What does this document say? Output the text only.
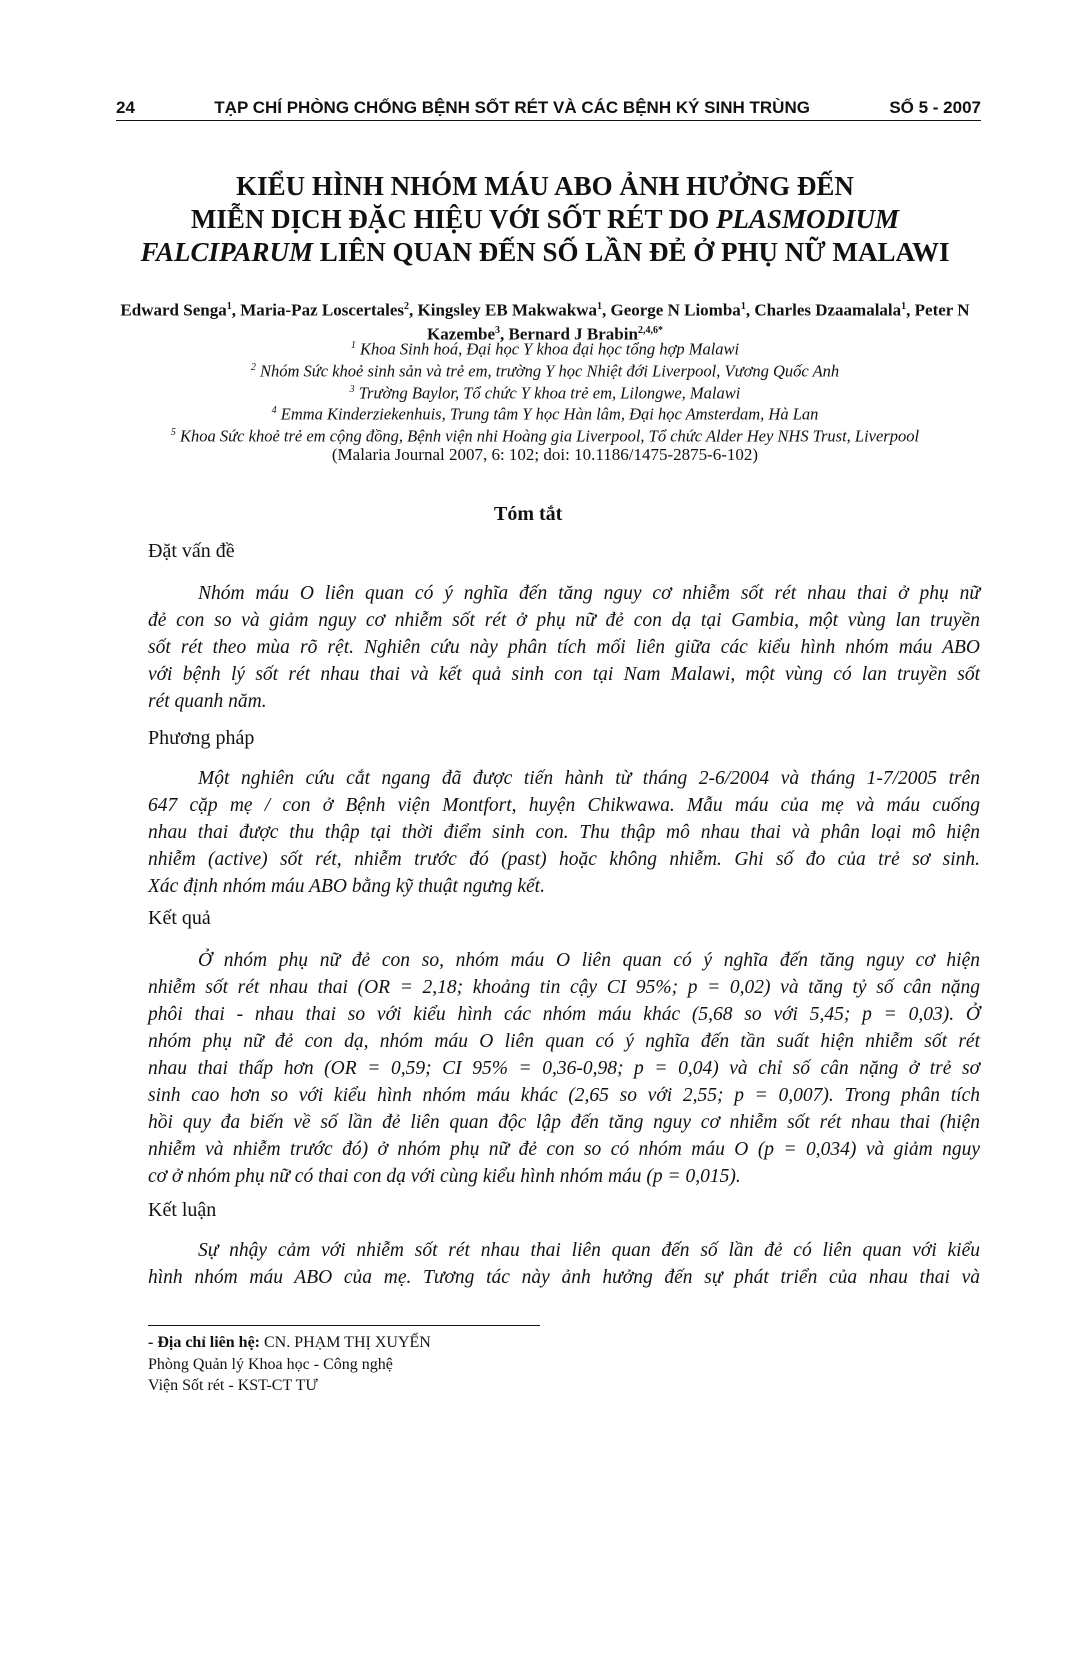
24	TẠP CHÍ PHÒNG CHỐNG BỆNH SỐT RÉT VÀ CÁC BỆNH KÝ SINH TRÙNG	SỐ 5 - 2007
KIỂU HÌNH NHÓM MÁU ABO ẢNH HƯỞNG ĐẾN
MIỄN DỊCH ĐẶC HIỆU VỚI SỐT RÉT DO PLASMODIUM
FALCIPARUM LIÊN QUAN ĐẾN SỐ LẦN ĐẺ Ở PHỤ NỮ MALAWI
Edward Senga$^1$, Maria-Paz Loscertales$^2$, Kingsley EB Makwakwa$^1$, George N Liomba$^1$, Charles Dzaamalala$^1$, Peter N Kazembe$^3$, Bernard J Brabin$^{2,4,6*}$
$^1$ Khoa Sinh hoá, Đại học Y khoa đại học tổng hợp Malawi
$^2$ Nhóm Sức khoẻ sinh sản và trẻ em, trường Y học Nhiệt đới Liverpool, Vương Quốc Anh
$^3$ Trường Baylor, Tổ chức Y khoa trẻ em, Lilongwe, Malawi
$^4$ Emma Kinderziekenhuis, Trung tâm Y học Hàn lâm, Đại học Amsterdam, Hà Lan
$^5$ Khoa Sức khoẻ trẻ em cộng đồng, Bệnh viện nhi Hoàng gia Liverpool, Tổ chức Alder Hey NHS Trust, Liverpool
(Malaria Journal 2007, 6: 102; doi: 10.1186/1475-2875-6-102)
Tóm tắt
Đặt vấn đề
Nhóm máu O liên quan có ý nghĩa đến tăng nguy cơ nhiễm sốt rét nhau thai ở phụ nữ
đẻ con so và giảm nguy cơ nhiễm sốt rét ở phụ nữ đẻ con dạ tại Gambia, một vùng lan truyền
sốt rét theo mùa rõ rệt. Nghiên cứu này phân tích mối liên giữa các kiểu hình nhóm máu ABO
với bệnh lý sốt rét nhau thai và kết quả sinh con tại Nam Malawi, một vùng có lan truyền sốt
rét quanh năm.
Phương pháp
Một nghiên cứu cắt ngang đã được tiến hành từ tháng 2-6/2004 và tháng 1-7/2005 trên
647 cặp mẹ / con ở Bệnh viện Montfort, huyện Chikwawa. Mẫu máu của mẹ và máu cuống
nhau thai được thu thập tại thời điểm sinh con. Thu thập mô nhau thai và phân loại mô hiện
nhiễm (active) sốt rét, nhiễm trước đó (past) hoặc không nhiễm. Ghi số đo của trẻ sơ sinh.
Xác định nhóm máu ABO bằng kỹ thuật ngưng kết.
Kết quả
Ở nhóm phụ nữ đẻ con so, nhóm máu O liên quan có ý nghĩa đến tăng nguy cơ hiện
nhiễm sốt rét nhau thai (OR = 2,18; khoảng tin cậy CI 95%; p = 0,02) và tăng tỷ số cân nặng
phôi thai - nhau thai so với kiểu hình các nhóm máu khác (5,68 so với 5,45; p = 0,03). Ở
nhóm phụ nữ đẻ con dạ, nhóm máu O liên quan có ý nghĩa đến tần suất hiện nhiễm sốt rét
nhau thai thấp hơn (OR = 0,59; CI 95% = 0,36-0,98; p = 0,04) và chỉ số cân nặng ở trẻ sơ
sinh cao hơn so với kiểu hình nhóm máu khác (2,65 so với 2,55; p = 0,007). Trong phân tích
hồi quy đa biến về số lần đẻ liên quan độc lập đến tăng nguy cơ nhiễm sốt rét nhau thai (hiện
nhiễm và nhiễm trước đó) ở nhóm phụ nữ đẻ con so có nhóm máu O (p = 0,034) và giảm nguy
cơ ở nhóm phụ nữ có thai con dạ với cùng kiểu hình nhóm máu (p = 0,015).
Kết luận
Sự nhậy cảm với nhiễm sốt rét nhau thai liên quan đến số lần đẻ có liên quan với kiểu
hình nhóm máu ABO của mẹ. Tương tác này ảnh hưởng đến sự phát triển của nhau thai và
- Địa chỉ liên hệ: CN. PHẠM THỊ XUYẾN
Phòng Quản lý Khoa học - Công nghệ
Viện Sốt rét - KST-CT TƯ
